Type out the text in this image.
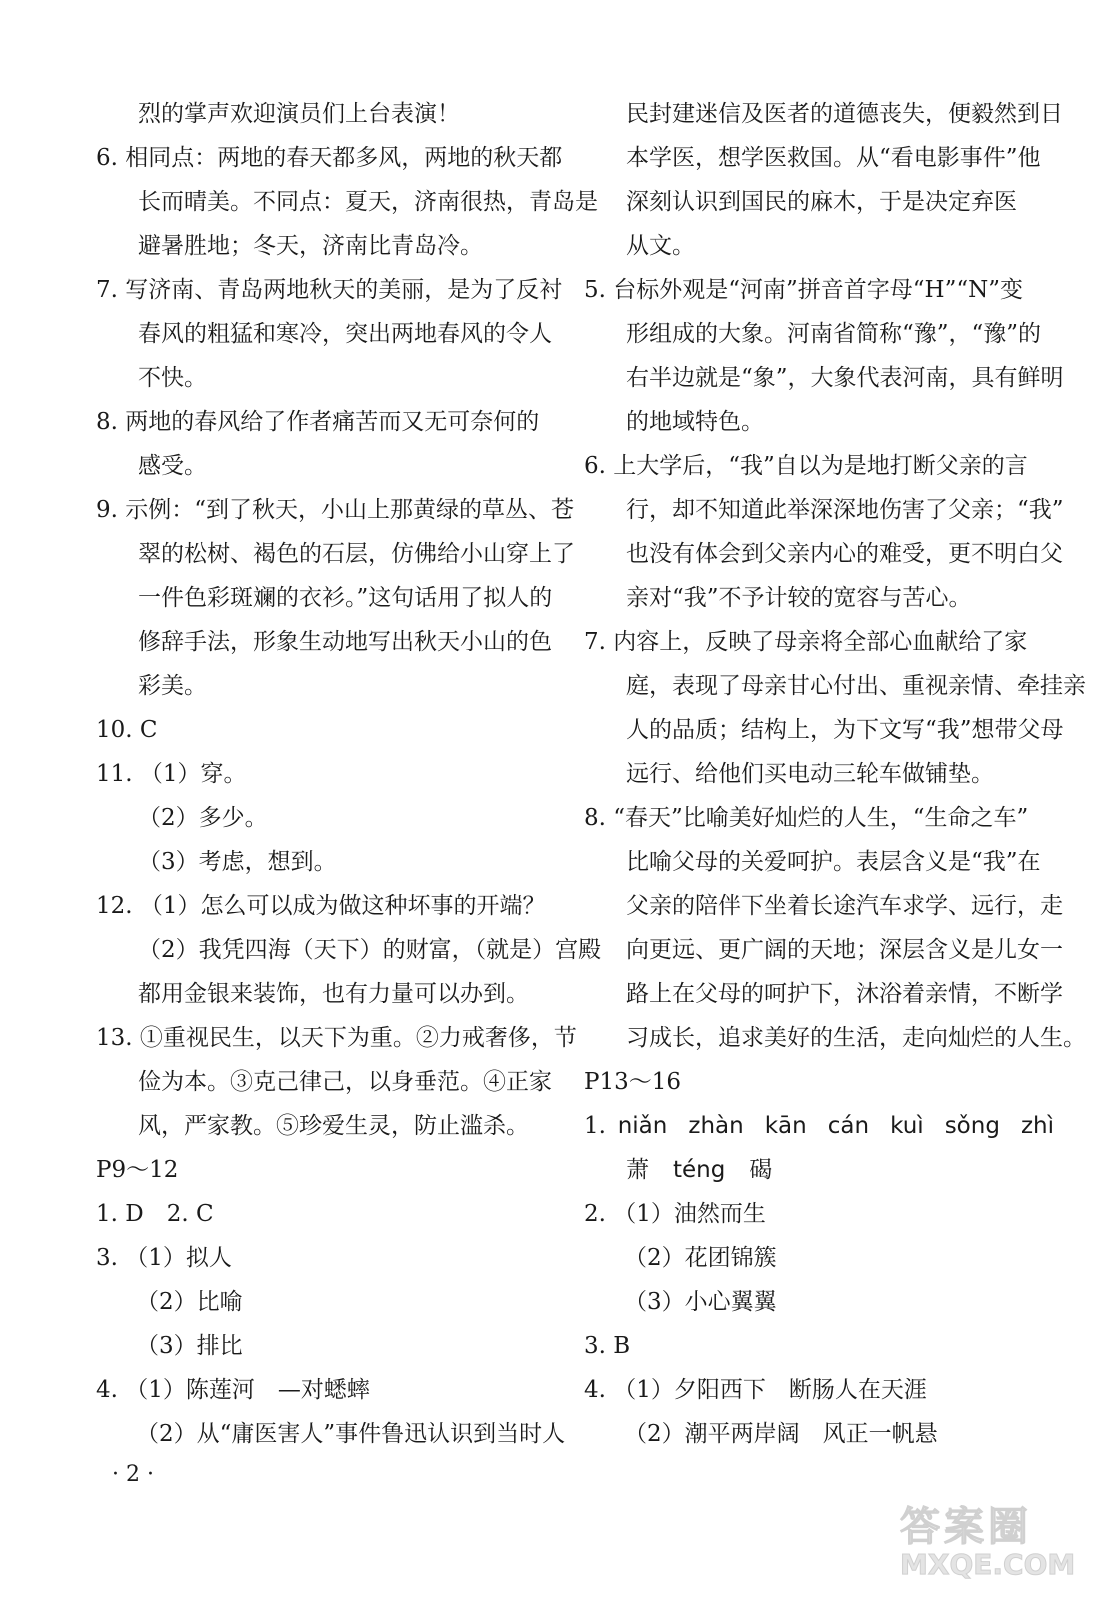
烈的掌声欢迎演员们上台表演！
6. 相同点：两地的春天都多风，两地的秋天都
长而晴美。不同点：夏天，济南很热，青岛是
避暑胜地；冬天，济南比青岛冷。
7. 写济南、青岛两地秋天的美丽，是为了反衬
春风的粗猛和寒冷，突出两地春风的令人
不快。
8. 两地的春风给了作者痛苦而又无可奈何的
感受。
9. 示例：“到了秋天，小山上那黄绿的草丛、苍
翠的松树、褐色的石层，仿佛给小山穿上了
一件色彩斑斓的衣衫。”这句话用了拟人的
修辞手法，形象生动地写出秋天小山的色
彩美。
10. C
11. （1）穿。
（2）多少。
（3）考虑，想到。
12. （1）怎么可以成为做这种坏事的开端？
（2）我凭四海（天下）的财富，（就是）宫殿
都用金银来装饰，也有力量可以办到。
13. ①重视民生，以天下为重。②力戒奢侈，节
俭为本。③克己律己，以身垂范。④正家
风，严家教。⑤珍爱生灵，防止滥杀。
P9～12
1. D　2. C
3. （1）拟人
（2）比喻
（3）排比
4. （1）陈莲河　—对蟋蟀
（2）从“庸医害人”事件鲁迅认识到当时人
民封建迷信及医者的道德丧失，便毅然到日
本学医，想学医救国。从“看电影事件”他
深刻认识到国民的麻木，于是决定弃医
从文。
5. 台标外观是“河南”拼音首字母“H”“N”变
形组成的大象。河南省简称“豫”，“豫”的
右半边就是“象”，大象代表河南，具有鲜明
的地域特色。
6. 上大学后，“我”自以为是地打断父亲的言
行，却不知道此举深深地伤害了父亲；“我”
也没有体会到父亲内心的难受，更不明白父
亲对“我”不予计较的宽容与苦心。
7. 内容上，反映了母亲将全部心血献给了家
庭，表现了母亲甘心付出、重视亲情、牵挂亲
人的品质；结构上，为下文写“我”想带父母
远行、给他们买电动三轮车做铺垫。
8. “春天”比喻美好灿烂的人生，“生命之车”
比喻父母的关爱呵护。表层含义是“我”在
父亲的陪伴下坐着长途汽车求学、远行，走
向更远、更广阔的天地；深层含义是儿女一
路上在父母的呵护下，沐浴着亲情，不断学
习成长，追求美好的生活，走向灿烂的人生。
P13～16
1. niǎn zhàn kān cán kuì sǒng zhì
萧 téng 碣
2. （1）油然而生
（2）花团锦簇
（3）小心翼翼
3. B
4. （1）夕阳西下　断肠人在天涯
（2）潮平两岸阔　风正一帆悬
· 2 ·
答案圈
MXQE.COM
